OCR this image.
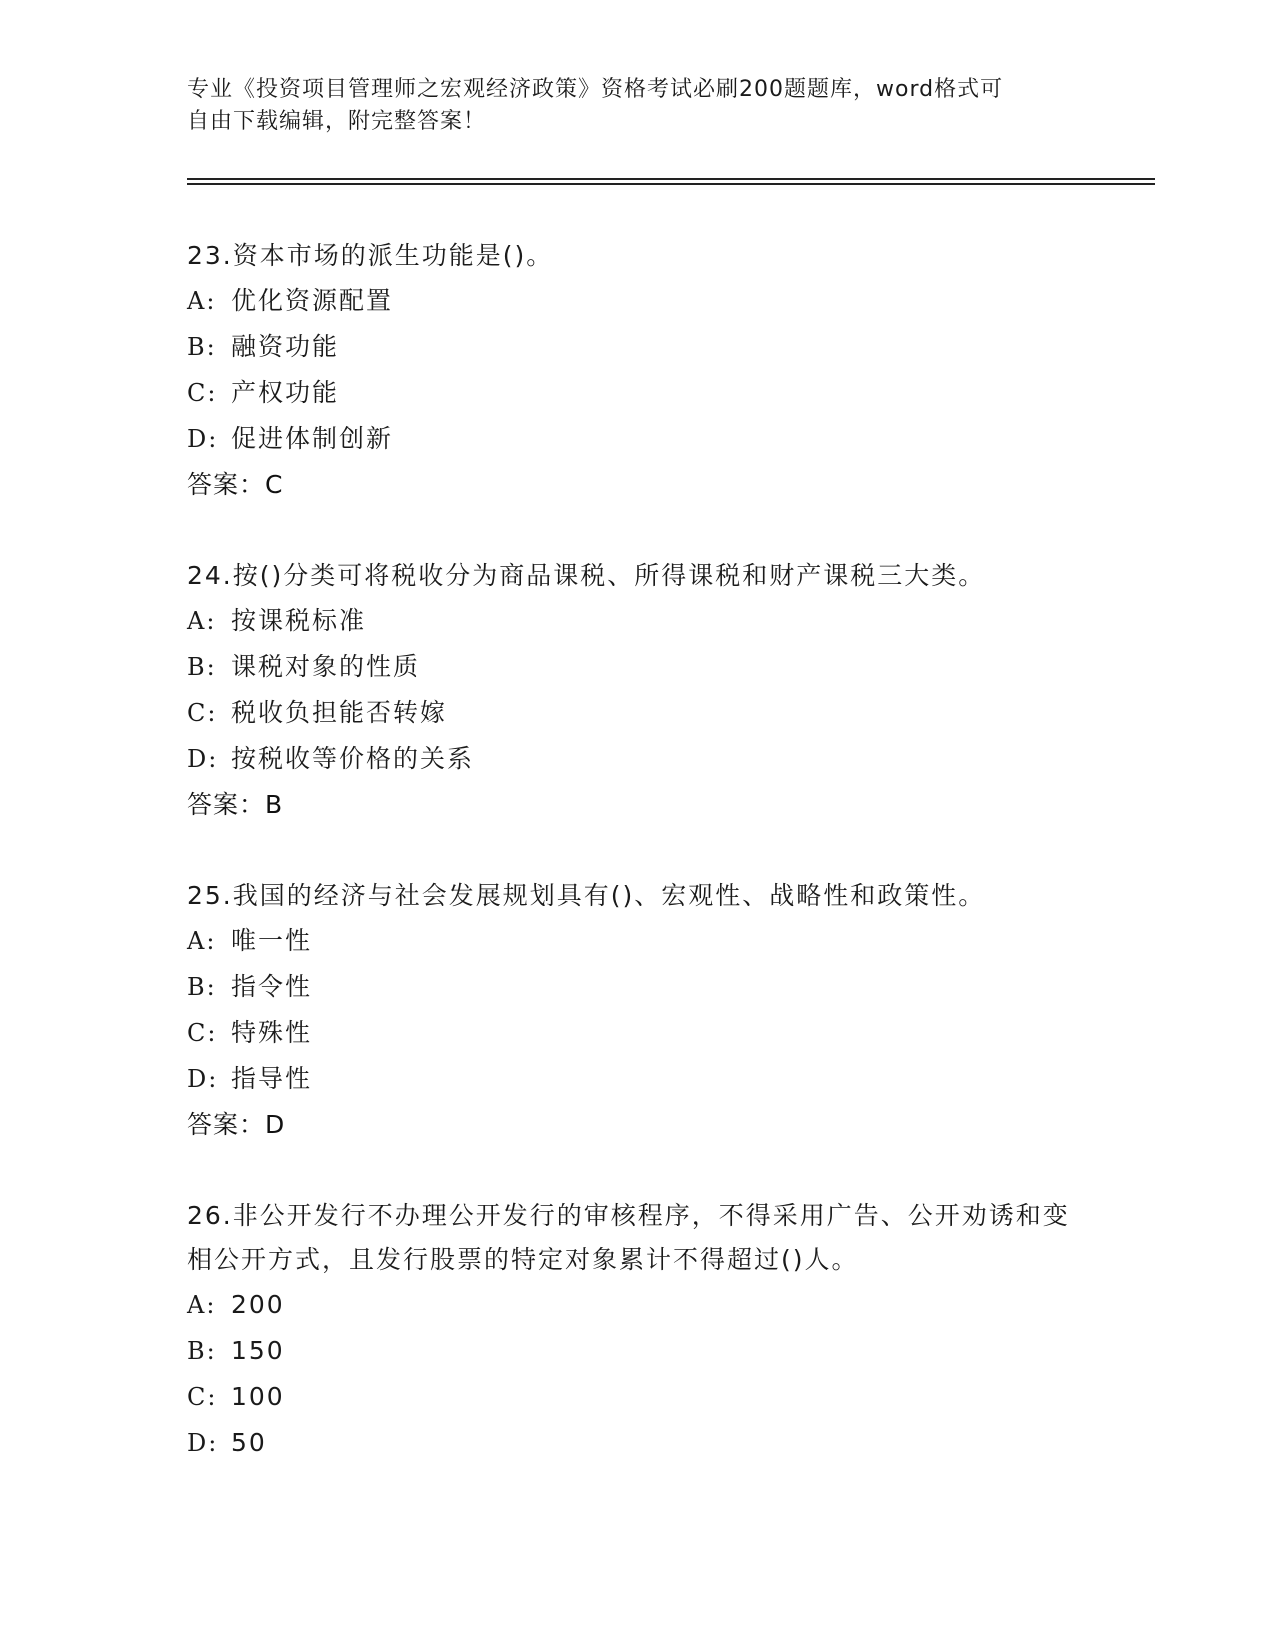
专业《投资项目管理师之宏观经济政策》资格考试必刷200题题库，word格式可
自由下载编辑，附完整答案！
23.资本市场的派生功能是()。
A: 优化资源配置
B: 融资功能
C: 产权功能
D: 促进体制创新
答案：C
24.按()分类可将税收分为商品课税、所得课税和财产课税三大类。
A: 按课税标准
B: 课税对象的性质
C: 税收负担能否转嫁
D: 按税收等价格的关系
答案：B
25.我国的经济与社会发展规划具有()、宏观性、战略性和政策性。
A: 唯一性
B: 指令性
C: 特殊性
D: 指导性
答案：D
26.非公开发行不办理公开发行的审核程序，不得采用广告、公开劝诱和变相公开方式，且发行股票的特定对象累计不得超过()人。
A: 200
B: 150
C: 100
D: 50
